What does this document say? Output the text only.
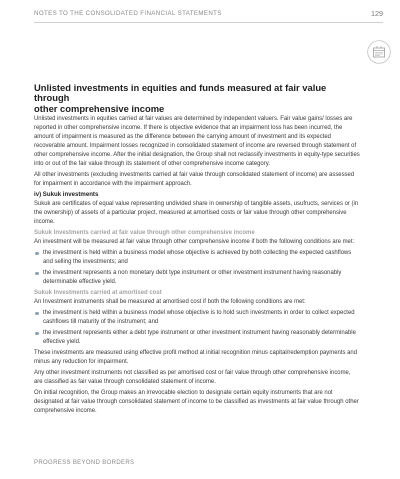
NOTES TO THE CONSOLIDATED FINANCIAL STATEMENTS	129
Unlisted investments in equities and funds measured at fair value through
other comprehensive income

Unlisted investments in equities carried at fair values are determined by independent valuers. Fair value gains/ losses are reported in other comprehensive income. If there is objective evidence that an impairment loss has been incurred, the amount of impairment is measured as the difference between the carrying amount of investment and its expected recoverable amount. Impairment losses recognized in consolidated statement of income are reversed through statement of other comprehensive income. After the initial designation, the Group shall not reclassify investments in equity-type securities into or out of the fair value through its statement of other comprehensive income category.

All other investments (excluding investments carried at fair value through consolidated statement of income) are assessed for impairment in accordance with the impairment approach.

iv) Sukuk investments

Sukuk are certificates of equal value representing undivided share in ownership of tangible assets, usufructs, services or (in the ownership) of assets of a particular project, measured at amortised costs or fair value through other comprehensive income.

Sukuk Investments carried at fair value through other comprehensive income

An investment will be measured at fair value through other comprehensive income if both the following conditions are met:

the investment is held within a business model whose objective is achieved by both collecting the expected cashflows and selling the investments; and
the investment represents a non monetary debt type instrument or other investment instrument having reasonably determinable effective yield.
Sukuk Investments carried at amortised cost

An Investment instruments shall be measured at amortised cost if both the following conditions are met:

the investment is held within a business model whose objective is to hold such investments in order to collect expected cashflows till maturity of the instrument; and
the investment represents either a debt type instrument or other investment instrument having reasonably determinable effective yield.

These investments are measured using effective profit method at initial recognition minus capital/redemption payments and minus any reduction for impairment.

Any other investment instruments not classified as per amortised cost or fair value through other comprehensive income, are classified as fair value through consolidated statement of income.

On initial recognition, the Group makes an irrevocable election to designate certain equity instruments that are not designated at fair value through consolidated statement of income to be classified as investments at fair value through other comprehensive income.

PROGRESS BEYOND BORDERS
